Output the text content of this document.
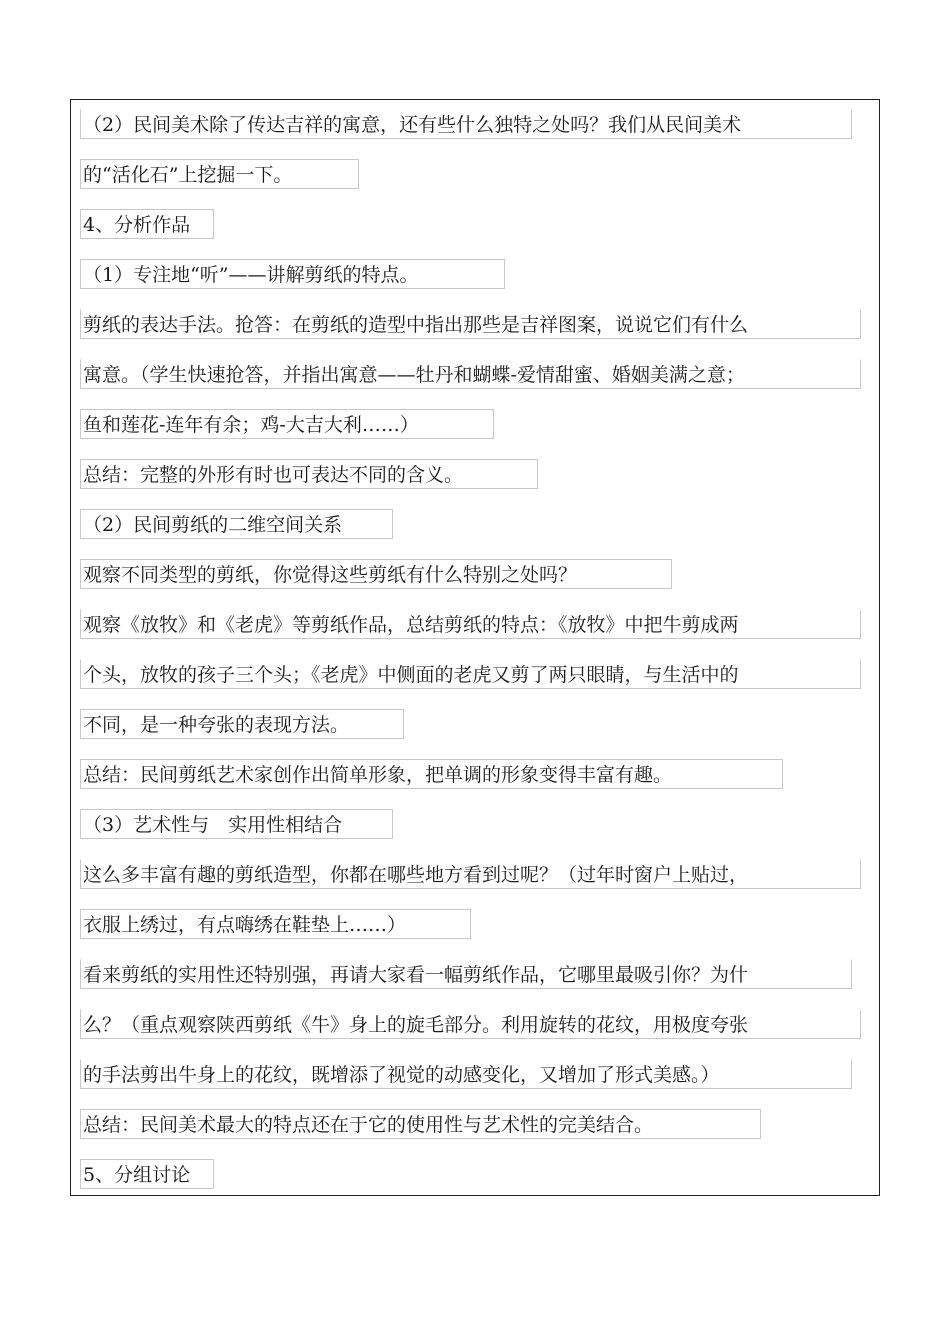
（2）民间美术除了传达吉祥的寓意，还有些什么独特之处吗？我们从民间美术
的“活化石”上挖掘一下。
4、分析作品
（1）专注地“听”——讲解剪纸的特点。
剪纸的表达手法。抢答：在剪纸的造型中指出那些是吉祥图案，说说它们有什么
寓意。（学生快速抢答，并指出寓意——牡丹和蝴蝶-爱情甜蜜、婚姻美满之意；
鱼和莲花-连年有余；鸡-大吉大利……）
总结：完整的外形有时也可表达不同的含义。
（2）民间剪纸的二维空间关系
观察不同类型的剪纸，你觉得这些剪纸有什么特别之处吗？
观察《放牧》和《老虎》等剪纸作品，总结剪纸的特点：《放牧》中把牛剪成两
个头，放牧的孩子三个头；《老虎》中侧面的老虎又剪了两只眼睛，与生活中的
不同，是一种夸张的表现方法。
总结：民间剪纸艺术家创作出简单形象，把单调的形象变得丰富有趣。
（3）艺术性与　实用性相结合
这么多丰富有趣的剪纸造型，你都在哪些地方看到过呢？（过年时窗户上贴过，
衣服上绣过，有点嗨绣在鞋垫上……）
看来剪纸的实用性还特别强，再请大家看一幅剪纸作品，它哪里最吸引你？为什
么？（重点观察陕西剪纸《牛》身上的旋毛部分。利用旋转的花纹，用极度夸张
的手法剪出牛身上的花纹，既增添了视觉的动感变化，又增加了形式美感。）
总结：民间美术最大的特点还在于它的使用性与艺术性的完美结合。
5、分组讨论
